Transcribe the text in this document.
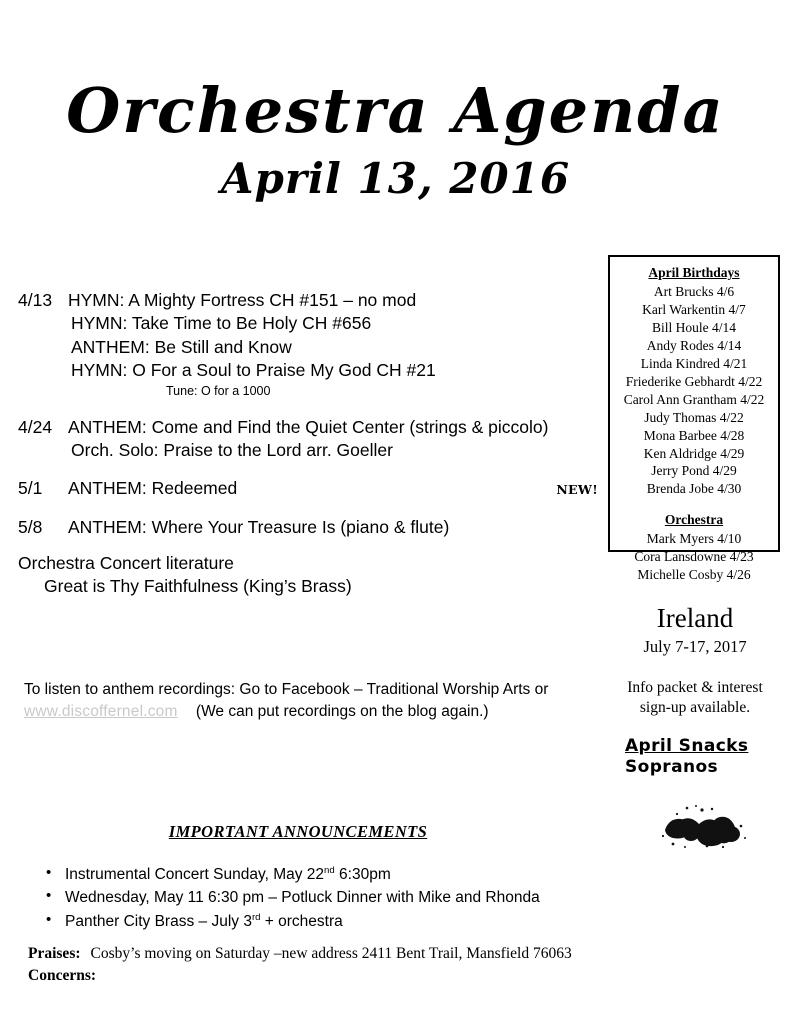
Orchestra Agenda
April 13, 2016
4/13 HYMN: A Mighty Fortress CH #151 – no mod
HYMN: Take Time to Be Holy CH #656
ANTHEM: Be Still and Know
HYMN: O For a Soul to Praise My God CH #21
Tune: O for a 1000
4/24 ANTHEM: Come and Find the Quiet Center (strings & piccolo)
Orch. Solo: Praise to the Lord arr. Goeller
5/1	ANTHEM: Redeemed	NEW!
5/8	ANTHEM: Where Your Treasure Is (piano & flute)
Orchestra Concert literature
Great is Thy Faithfulness (King’s Brass)
To listen to anthem recordings: Go to Facebook – Traditional Worship Arts or
www.discoffernel.com (We can put recordings on the blog again.)
April Birthdays
Art Brucks 4/6
Karl Warkentin 4/7
Bill Houle 4/14
Andy Rodes 4/14
Linda Kindred 4/21
Friederike Gebhardt 4/22
Carol Ann Grantham 4/22
Judy Thomas 4/22
Mona Barbee 4/28
Ken Aldridge 4/29
Jerry Pond 4/29
Brenda Jobe 4/30
Orchestra
Mark Myers 4/10
Cora Lansdowne 4/23
Michelle Cosby 4/26
Ireland
July 7-17, 2017
Info packet & interest
sign-up available.
April Snacks
Sopranos
IMPORTANT ANNOUNCEMENTS
• Instrumental Concert Sunday, May 22nd 6:30pm
• Wednesday, May 11 6:30 pm – Potluck Dinner with Mike and Rhonda
• Panther City Brass – July 3rd + orchestra
Praises: Cosby’s moving on Saturday –new address 2411 Bent Trail, Mansfield 76063
Concerns:
